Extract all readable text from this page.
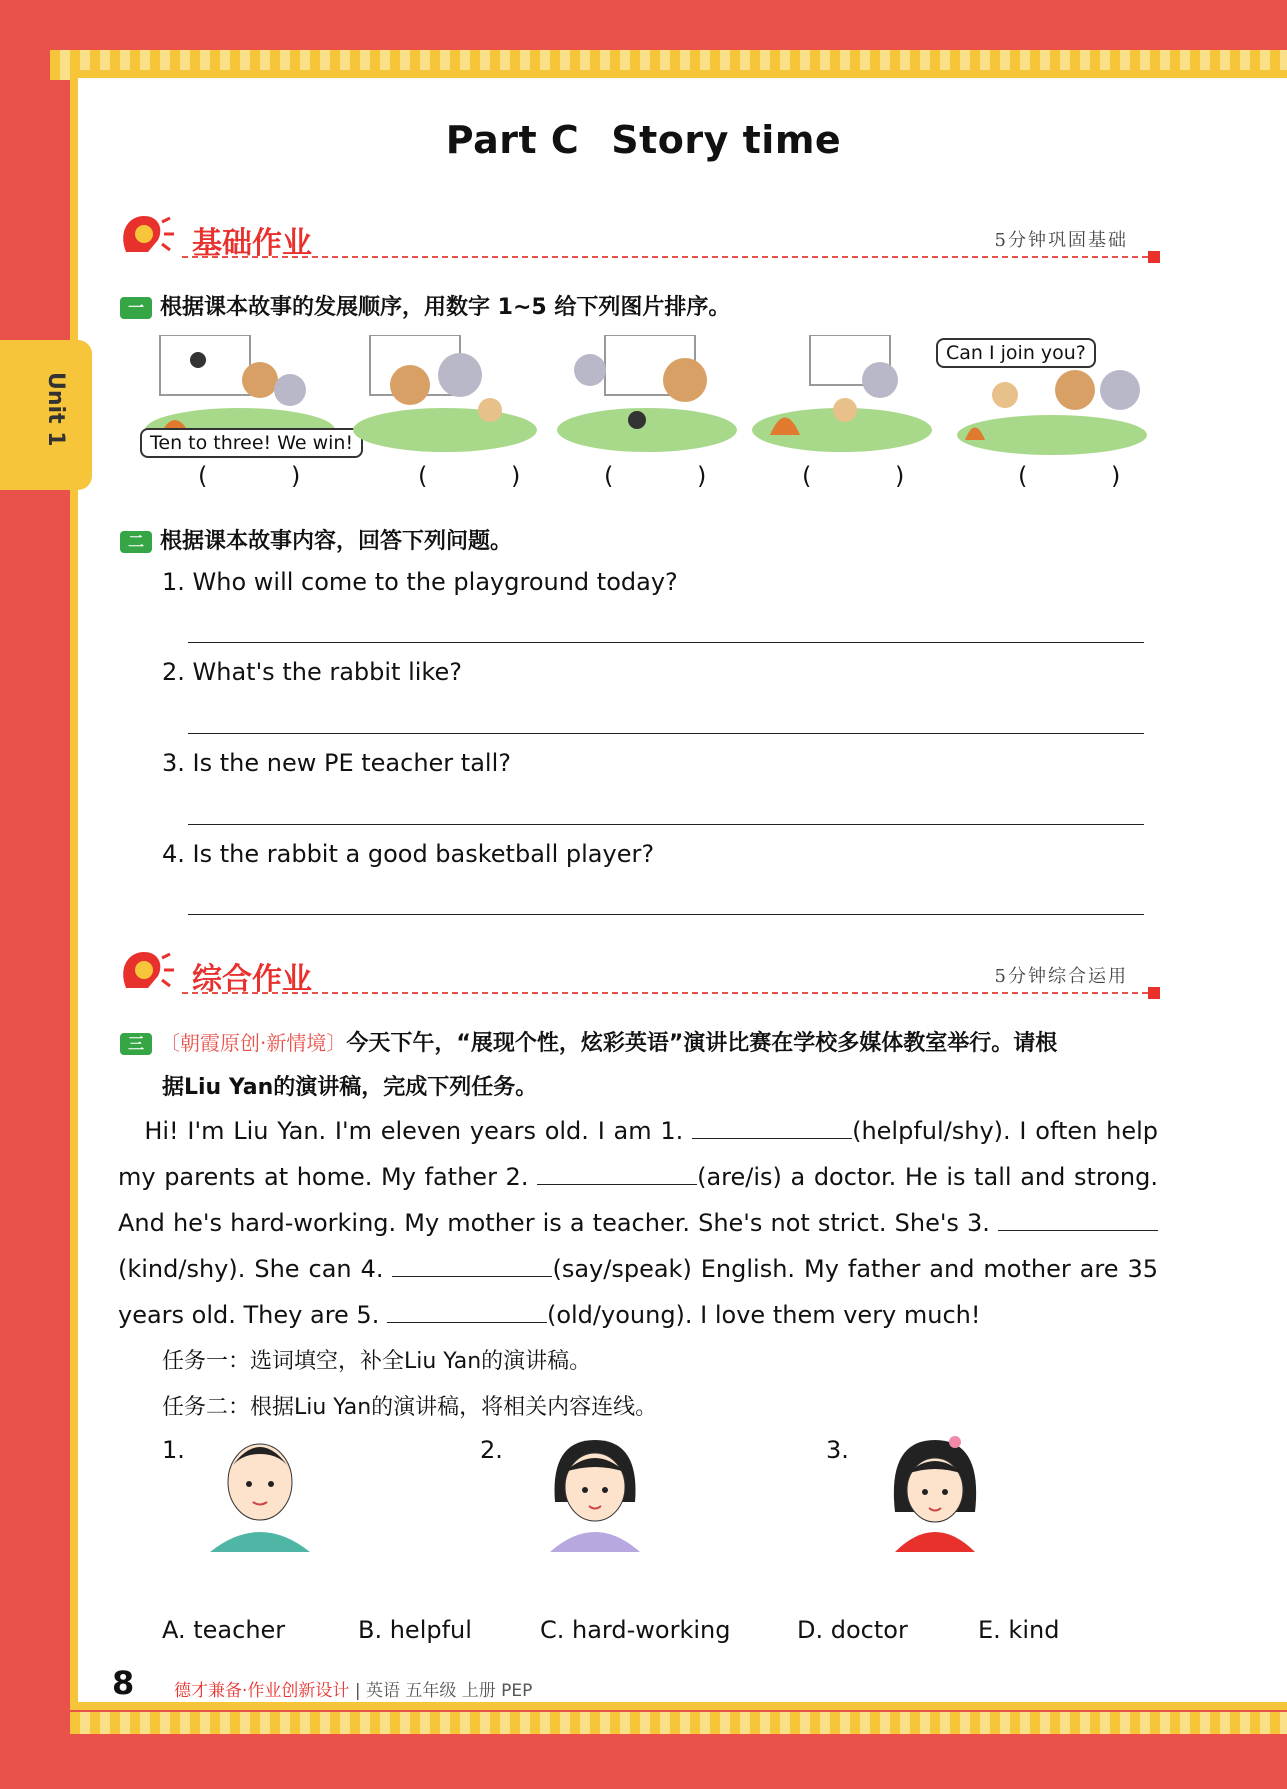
Part C Story time
Unit 1
基础作业	5分钟巩固基础
一 根据课本故事的发展顺序，用数字 1~5 给下列图片排序。
Ten to three! We win!
Can I join you?
( )	( ) ( ) ( )	( )
二 根据课本故事内容，回答下列问题。
1. Who will come to the playground today?
2. What's the rabbit like?
3. Is the new PE teacher tall?
4. Is the rabbit a good basketball player?
综合作业	5分钟综合运用
三 〔朝霞原创·新情境〕今天下午，“展现个性，炫彩英语”演讲比赛在学校多媒体教室举行。请根
据Liu Yan的演讲稿，完成下列任务。
Hi! I'm Liu Yan. I'm eleven years old. I am 1.	(helpful/shy). I often help my parents at home. My father 2.	(are/is) a doctor. He is tall and strong. And he's hard-working. My mother is a teacher. She's not strict. She's 3. (kind/shy). She can 4.	(say/speak) English. My father and mother are 35 years old. They are 5.	(old/young). I love them very much!
任务一：选词填空，补全Liu Yan的演讲稿。
任务二：根据Liu Yan的演讲稿，将相关内容连线。
1.	2.	3.
A. teacher	B. helpful	C. hard-working	D. doctor	E. kind
8 德才兼备·作业创新设计 | 英语 五年级 上册 PEP
